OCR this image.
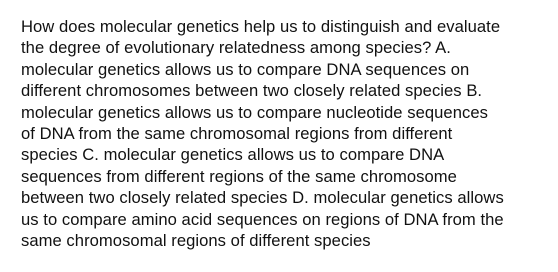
How does molecular genetics help us to distinguish and evaluate
the degree of evolutionary relatedness among species? A.
molecular genetics allows us to compare DNA sequences on
different chromosomes between two closely related species B.
molecular genetics allows us to compare nucleotide sequences
of DNA from the same chromosomal regions from different
species C. molecular genetics allows us to compare DNA
sequences from different regions of the same chromosome
between two closely related species D. molecular genetics allows
us to compare amino acid sequences on regions of DNA from the
same chromosomal regions of different species
